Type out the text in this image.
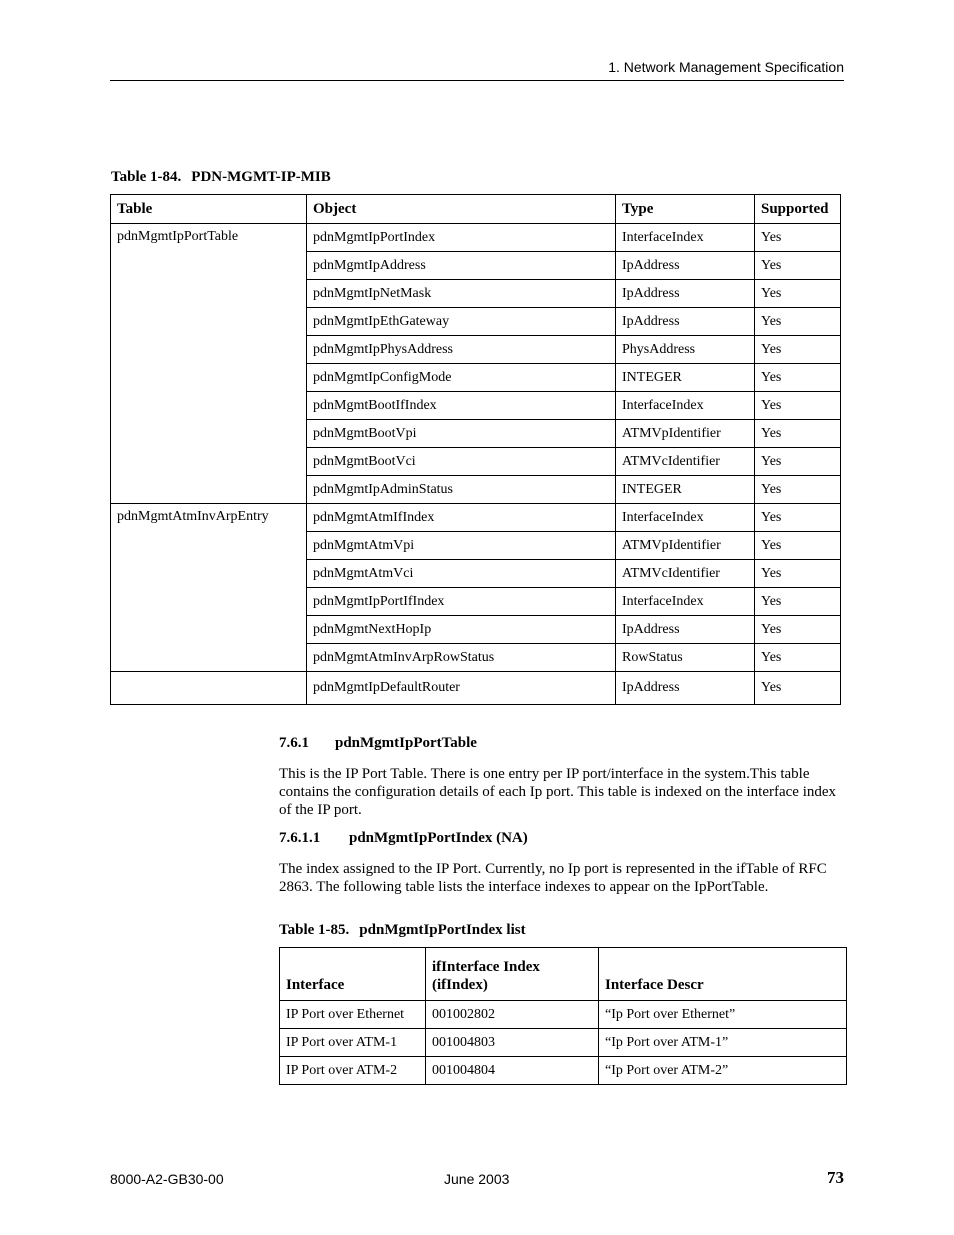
1. Network Management Specification
Table 1-84. PDN-MGMT-IP-MIB
Table	Object	Type	Supported
pdnMgmtIpPortTable	pdnMgmtIpPortIndex	InterfaceIndex	Yes
	pdnMgmtIpAddress	IpAddress	Yes
	pdnMgmtIpNetMask	IpAddress	Yes
	pdnMgmtIpEthGateway	IpAddress	Yes
	pdnMgmtIpPhysAddress	PhysAddress	Yes
	pdnMgmtIpConfigMode	INTEGER	Yes
	pdnMgmtBootIfIndex	InterfaceIndex	Yes
	pdnMgmtBootVpi	ATMVpIdentifier	Yes
	pdnMgmtBootVci	ATMVcIdentifier	Yes
	pdnMgmtIpAdminStatus	INTEGER	Yes
pdnMgmtAtmInvArpEntry	pdnMgmtAtmIfIndex	InterfaceIndex	Yes
	pdnMgmtAtmVpi	ATMVpIdentifier	Yes
	pdnMgmtAtmVci	ATMVcIdentifier	Yes
	pdnMgmtIpPortIfIndex	InterfaceIndex	Yes
	pdnMgmtNextHopIp	IpAddress	Yes
	pdnMgmtAtmInvArpRowStatus	RowStatus	Yes
	pdnMgmtIpDefaultRouter	IpAddress	Yes
7.6.1 pdnMgmtIpPortTable
This is the IP Port Table. There is one entry per IP port/interface in the system.This table contains the configuration details of each Ip port. This table is indexed on the interface index of the IP port.
7.6.1.1 pdnMgmtIpPortIndex (NA)
The index assigned to the IP Port. Currently, no Ip port is represented in the ifTable of RFC 2863. The following table lists the interface indexes to appear on the IpPortTable.
Table 1-85. pdnMgmtIpPortIndex list
Interface	ifInterface Index (ifIndex)	Interface Descr
IP Port over Ethernet	001002802	“Ip Port over Ethernet”
IP Port over ATM-1	001004803	“Ip Port over ATM-1”
IP Port over ATM-2	001004804	“Ip Port over ATM-2”
8000-A2-GB30-00	June 2003	73
